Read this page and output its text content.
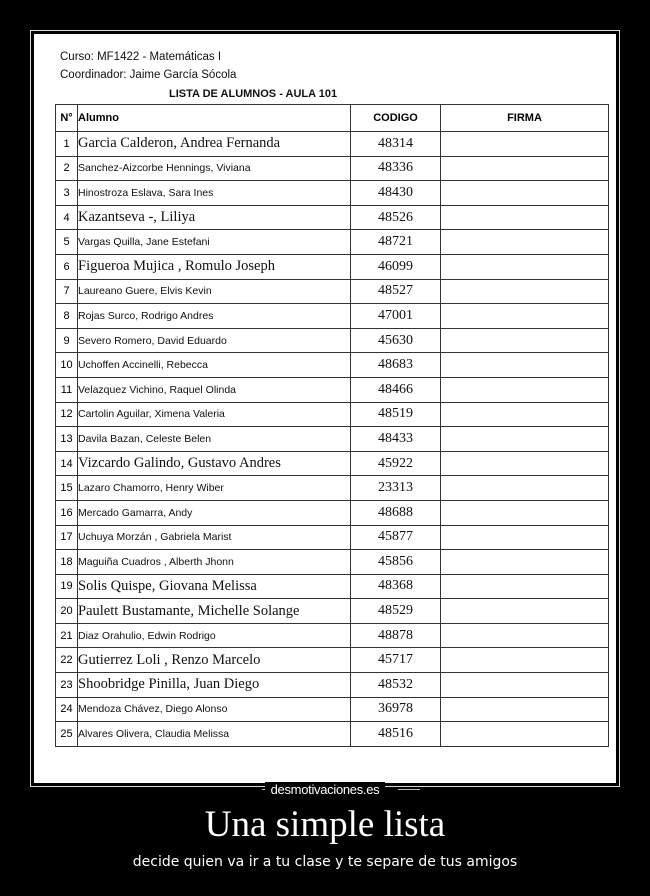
Curso: MF1422 - Matemáticas I
Coordinador: Jaime García Sócola
LISTA DE ALUMNOS - AULA 101
N°	Alumno	CODIGO	FIRMA
1	Garcia Calderon, Andrea Fernanda	48314	
2	Sanchez-Aizcorbe Hennings, Viviana	48336	
3	Hinostroza Eslava, Sara Ines	48430	
4	Kazantseva -, Liliya	48526	
5	Vargas Quilla, Jane Estefani	48721	
6	Figueroa Mujica , Romulo Joseph	46099	
7	Laureano Guere, Elvis Kevin	48527	
8	Rojas Surco, Rodrigo Andres	47001	
9	Severo Romero, David Eduardo	45630	
10	Uchoffen Accinelli, Rebecca	48683	
11	Velazquez Vichino, Raquel Olinda	48466	
12	Cartolin Aguilar, Ximena Valeria	48519	
13	Davila Bazan, Celeste Belen	48433	
14	Vizcardo Galindo, Gustavo Andres	45922	
15	Lazaro Chamorro, Henry Wiber	23313	
16	Mercado Gamarra, Andy	48688	
17	Uchuya Morzán , Gabriela Marist	45877	
18	Maguiña Cuadros , Alberth Jhonn	45856	
19	Solis Quispe, Giovana Melissa	48368	
20	Paulett Bustamante, Michelle Solange	48529	
21	Diaz Orahulio, Edwin Rodrigo	48878	
22	Gutierrez Loli , Renzo Marcelo	45717	
23	Shoobridge Pinilla, Juan Diego	48532	
24	Mendoza Chávez, Diego Alonso	36978	
25	Alvares Olivera, Claudia Melissa	48516	
desmotivaciones.es
Una simple lista
decide quien va ir a tu clase y te separe de tus amigos
